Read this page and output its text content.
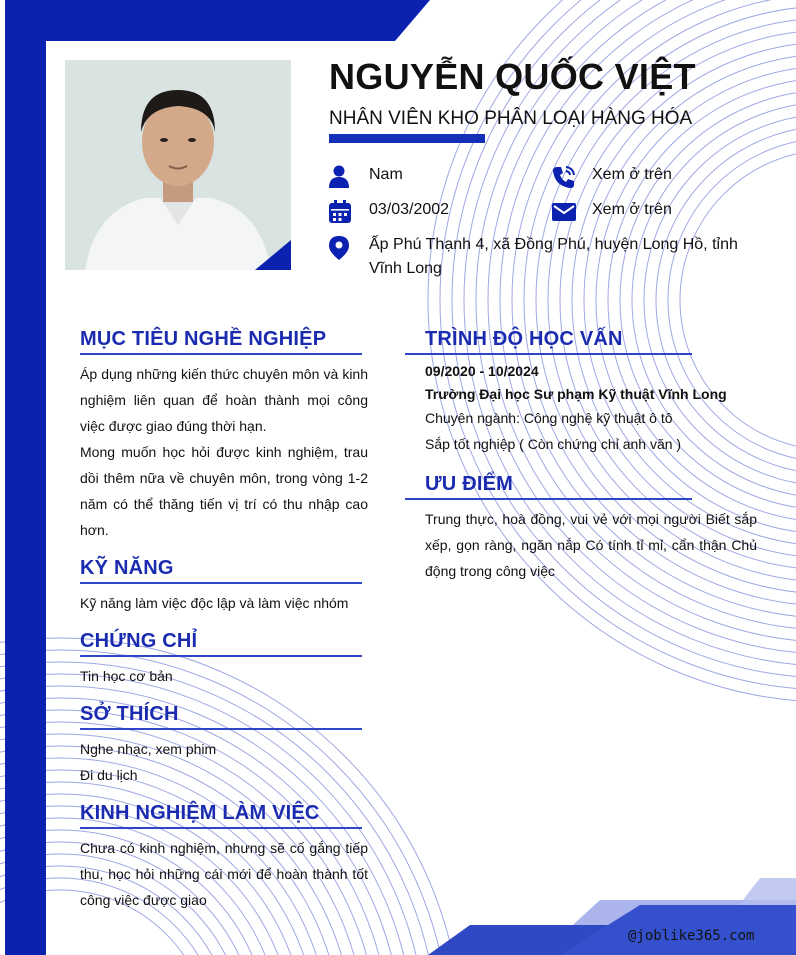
NGUYỄN QUỐC VIỆT
NHÂN VIÊN KHO PHÂN LOẠI HÀNG HÓA
Nam
03/03/2002
Xem ở trên
Xem ở trên
Ấp Phú Thạnh 4, xã Đồng Phú, huyện Long Hồ, tỉnh Vĩnh Long
MỤC TIÊU NGHỀ NGHIỆP

Áp dụng những kiến thức chuyên môn và kinh nghiệm liên quan để hoàn thành mọi công việc được giao đúng thời hạn.

Mong muốn học hỏi được kinh nghiệm, trau dồi thêm nữa về chuyên môn, trong vòng 1-2 năm có thể thăng tiến vị trí có thu nhập cao hơn.

KỸ NĂNG

Kỹ năng làm việc độc lập và làm việc nhóm

CHỨNG CHỈ

Tin học cơ bản

SỞ THÍCH

Nghe nhạc, xem phim

Đi du lịch

KINH NGHIỆM LÀM VIỆC

Chưa có kinh nghiệm, nhưng sẽ cố gắng tiếp thu, học hỏi những cái mới để hoàn thành tốt công việc được giao

TRÌNH ĐỘ HỌC VẤN

09/2020 - 10/2024

Trường Đại học Sư phạm Kỹ thuật Vĩnh Long

Chuyên ngành: Công nghệ kỹ thuật ô tô

Sắp tốt nghiệp ( Còn chứng chỉ anh văn )

ƯU ĐIỂM

Trung thực, hoà đồng, vui vẻ với mọi người Biết sắp xếp, gọn ràng, ngăn nắp Có tính tỉ mỉ, cẩn thận Chủ động trong công việc

@joblike365.com
